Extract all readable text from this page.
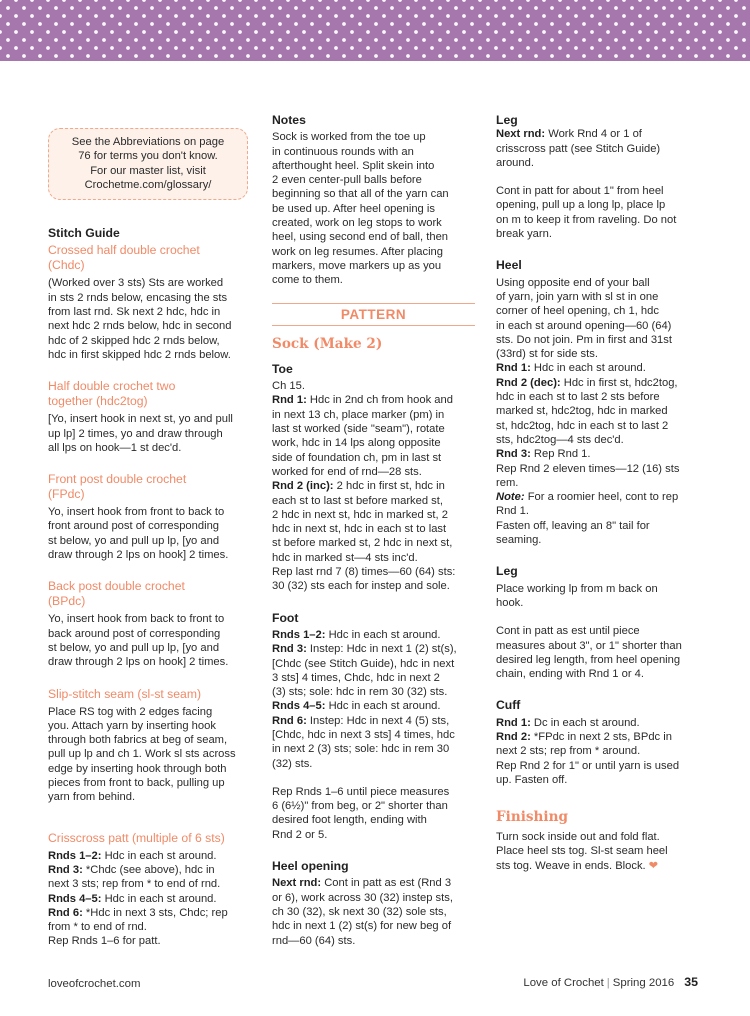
See the Abbreviations on page
76 for terms you don't know.
For our master list, visit
Crochetme.com/glossary/
Stitch Guide
Crossed half double crochet
(Chdc)

(Worked over 3 sts) Sts are worked
in sts 2 rnds below, encasing the sts
from last rnd. Sk next 2 hdc, hdc in
next hdc 2 rnds below, hdc in second
hdc of 2 skipped hdc 2 rnds below,
hdc in first skipped hdc 2 rnds below.

Half double crochet two
together (hdc2tog)

[Yo, insert hook in next st, yo and pull
up lp] 2 times, yo and draw through
all lps on hook—1 st dec'd.

Front post double crochet
(FPdc)

Yo, insert hook from front to back to
front around post of corresponding
st below, yo and pull up lp, [yo and
draw through 2 lps on hook] 2 times.

Back post double crochet
(BPdc)

Yo, insert hook from back to front to
back around post of corresponding
st below, yo and pull up lp, [yo and
draw through 2 lps on hook] 2 times.

Slip-stitch seam (sl-st seam)

Place RS tog with 2 edges facing
you. Attach yarn by inserting hook
through both fabrics at beg of seam,
pull up lp and ch 1. Work sl sts across
edge by inserting hook through both
pieces from front to back, pulling up
yarn from behind.

Crisscross patt (multiple of 6 sts)

Rnds 1–2: Hdc in each st around.

Rnd 3: *Chdc (see above), hdc in
next 3 sts; rep from * to end of rnd.

Rnds 4–5: Hdc in each st around.

Rnd 6: *Hdc in next 3 sts, Chdc; rep
from * to end of rnd.

Rep Rnds 1–6 for patt.

Notes

Sock is worked from the toe up
in continuous rounds with an
afterthought heel. Split skein into
2 even center-pull balls before
beginning so that all of the yarn can
be used up. After heel opening is
created, work on leg stops to work
heel, using second end of ball, then
work on leg resumes. After placing
markers, move markers up as you
come to them.

PATTERN
Sock (Make 2)
Toe

Ch 15.

Rnd 1: Hdc in 2nd ch from hook and
in next 13 ch, place marker (pm) in
last st worked (side "seam"), rotate
work, hdc in 14 lps along opposite
side of foundation ch, pm in last st
worked for end of rnd—28 sts.

Rnd 2 (inc): 2 hdc in first st, hdc in
each st to last st before marked st,
2 hdc in next st, hdc in marked st, 2
hdc in next st, hdc in each st to last
st before marked st, 2 hdc in next st,
hdc in marked st—4 sts inc'd.

Rep last rnd 7 (8) times—60 (64) sts:
30 (32) sts each for instep and sole.

Foot

Rnds 1–2: Hdc in each st around.

Rnd 3: Instep: Hdc in next 1 (2) st(s),
[Chdc (see Stitch Guide), hdc in next
3 sts] 4 times, Chdc, hdc in next 2
(3) sts; sole: hdc in rem 30 (32) sts.

Rnds 4–5: Hdc in each st around.

Rnd 6: Instep: Hdc in next 4 (5) sts,
[Chdc, hdc in next 3 sts] 4 times, hdc
in next 2 (3) sts; sole: hdc in rem 30
(32) sts.

Rep Rnds 1–6 until piece measures
6 (6½)" from beg, or 2" shorter than
desired foot length, ending with
Rnd 2 or 5.

Heel opening

Next rnd: Cont in patt as est (Rnd 3
or 6), work across 30 (32) instep sts,
ch 30 (32), sk next 30 (32) sole sts,
hdc in next 1 (2) st(s) for new beg of
rnd—60 (64) sts.

Leg

Next rnd: Work Rnd 4 or 1 of
crisscross patt (see Stitch Guide)
around.

Cont in patt for about 1" from heel
opening, pull up a long lp, place lp
on m to keep it from raveling. Do not
break yarn.

Heel

Using opposite end of your ball
of yarn, join yarn with sl st in one
corner of heel opening, ch 1, hdc
in each st around opening—60 (64)
sts. Do not join. Pm in first and 31st
(33rd) st for side sts.

Rnd 1: Hdc in each st around.

Rnd 2 (dec): Hdc in first st, hdc2tog,
hdc in each st to last 2 sts before
marked st, hdc2tog, hdc in marked
st, hdc2tog, hdc in each st to last 2
sts, hdc2tog—4 sts dec'd.

Rnd 3: Rep Rnd 1.

Rep Rnd 2 eleven times—12 (16) sts
rem.

Note: For a roomier heel, cont to rep
Rnd 1.

Fasten off, leaving an 8" tail for
seaming.

Leg

Place working lp from m back on
hook.

Cont in patt as est until piece
measures about 3", or 1" shorter than
desired leg length, from heel opening
chain, ending with Rnd 1 or 4.

Cuff

Rnd 1: Dc in each st around.

Rnd 2: *FPdc in next 2 sts, BPdc in
next 2 sts; rep from * around.

Rep Rnd 2 for 1" or until yarn is used
up. Fasten off.

Finishing

Turn sock inside out and fold flat.
Place heel sts tog. Sl-st seam heel
sts tog. Weave in ends. Block. ❤

loveofcrochet.com	Love of Crochet | Spring 2016 35
